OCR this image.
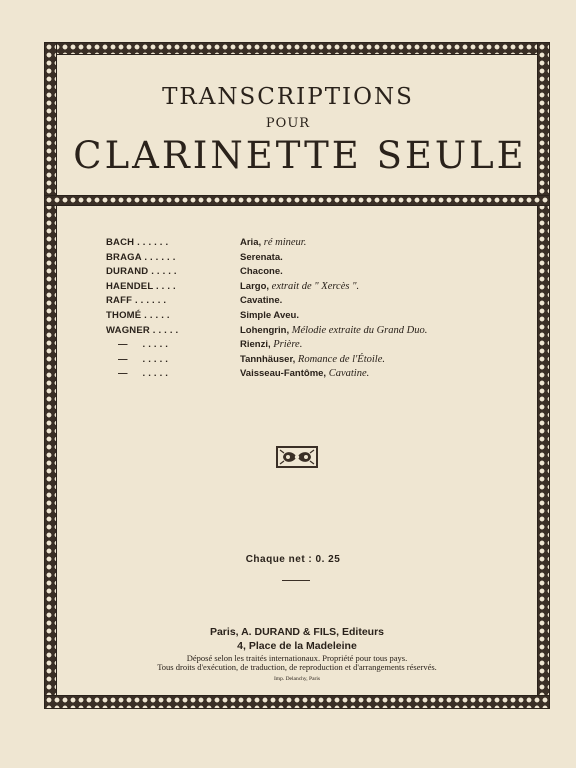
TRANSCRIPTIONS
POUR
CLARINETTE SEULE
BACH . . . . . .	Aria, ré mineur.
BRAGA . . . . . .	Serenata.
DURAND . . . . .	Chacone.
HAENDEL . . . .	Largo, extrait de " Xercès ".
RAFF . . . . . .	Cavatine.
THOMÉ . . . . .	Simple Aveu.
WAGNER . . . . .	Lohengrin, Mélodie extraite du Grand Duo.
— . . . . .	Rienzi, Prière.
— . . . . .	Tannhäuser, Romance de l'Étoile.
— . . . . .	Vaisseau-Fantôme, Cavatine.
Chaque net : 0. 25
Paris, A. DURAND & FILS, Editeurs
4, Place de la Madeleine
Déposé selon les traités internationaux. Propriété pour tous pays.
Tous droits d'exécution, de traduction, de reproduction et d'arrangements réservés.
Imp. Delanchy, Paris
